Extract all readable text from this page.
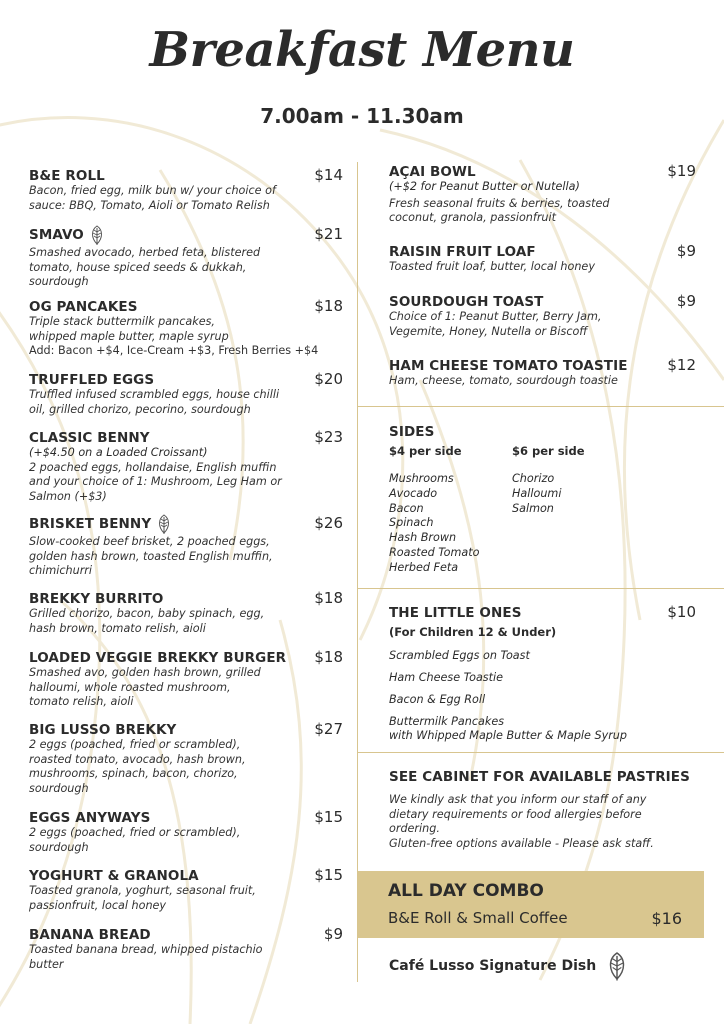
Breakfast Menu
7.00am - 11.30am
B&E ROLL	$14
Bacon, fried egg, milk bun w/ your choice of
sauce: BBQ, Tomato, Aioli or Tomato Relish
SMAVO	$21
Smashed avocado, herbed feta, blistered
tomato, house spiced seeds & dukkah,
sourdough
OG PANCAKES	$18
Triple stack buttermilk pancakes,
whipped maple butter, maple syrup
Add: Bacon +$4, Ice-Cream +$3, Fresh Berries +$4
TRUFFLED EGGS	$20
Truffled infused scrambled eggs, house chilli
oil, grilled chorizo, pecorino, sourdough
CLASSIC BENNY	$23
(+$4.50 on a Loaded Croissant)
2 poached eggs, hollandaise, English muffin
and your choice of 1: Mushroom, Leg Ham or
Salmon (+$3)
BRISKET BENNY	$26
Slow-cooked beef brisket, 2 poached eggs,
golden hash brown, toasted English muffin,
chimichurri
BREKKY BURRITO	$18
Grilled chorizo, bacon, baby spinach, egg,
hash brown, tomato relish, aioli
LOADED VEGGIE BREKKY BURGER $18
Smashed avo, golden hash brown, grilled
halloumi, whole roasted mushroom,
tomato relish, aioli
BIG LUSSO BREKKY	$27
2 eggs (poached, fried or scrambled),
roasted tomato, avocado, hash brown,
mushrooms, spinach, bacon, chorizo,
sourdough
EGGS ANYWAYS	$15
2 eggs (poached, fried or scrambled),
sourdough
YOGHURT & GRANOLA	$15
Toasted granola, yoghurt, seasonal fruit,
passionfruit, local honey
BANANA BREAD	$9
Toasted banana bread, whipped pistachio
butter
AÇAI BOWL	$19
(+$2 for Peanut Butter or Nutella)
Fresh seasonal fruits & berries, toasted
coconut, granola, passionfruit
RAISIN FRUIT LOAF	$9
Toasted fruit loaf, butter, local honey
SOURDOUGH TOAST	$9
Choice of 1: Peanut Butter, Berry Jam,
Vegemite, Honey, Nutella or Biscoff
HAM CHEESE TOMATO TOASTIE	$12
Ham, cheese, tomato, sourdough toastie
SIDES
$4 per side
Mushrooms
Avocado
Bacon
Spinach
Hash Brown
Roasted Tomato
Herbed Feta
$6 per side
Chorizo
Halloumi
Salmon
THE LITTLE ONES	$10
(For Children 12 & Under)
Scrambled Eggs on Toast
Ham Cheese Toastie
Bacon & Egg Roll
Buttermilk Pancakes
with Whipped Maple Butter & Maple Syrup
SEE CABINET FOR AVAILABLE PASTRIES
We kindly ask that you inform our staff of any
dietary requirements or food allergies before
ordering.
Gluten-free options available - Please ask staff.
ALL DAY COMBO
B&E Roll & Small Coffee	$16
Café Lusso Signature Dish
